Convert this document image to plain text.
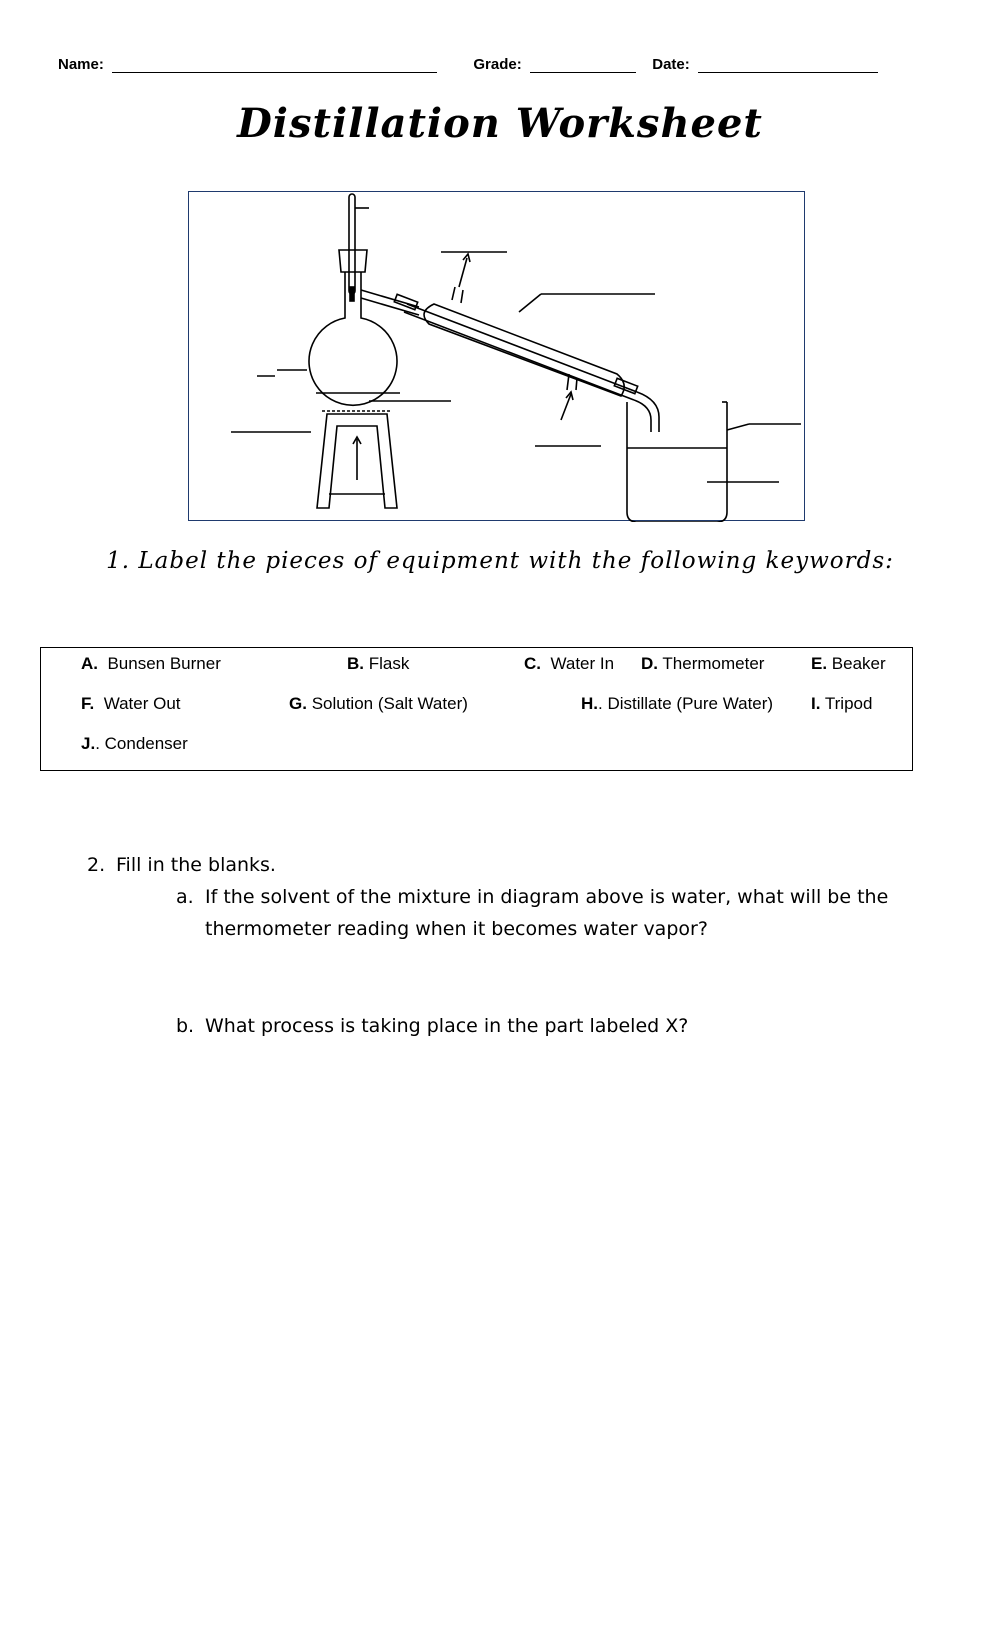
Name:	Grade:	Date:
Distillation Worksheet
1. Label the pieces of equipment with the following keywords:
A. Bunsen Burner	B. Flask	C. Water In D. Thermometer	E. Beaker
F. Water Out	G. Solution (Salt Water)	H.. Distillate (Pure Water) I. Tripod
J.. Condenser
2. Fill in the blanks.
a. If the solvent of the mixture in diagram above is water, what will be the
thermometer reading when it becomes water vapor?
b. What process is taking place in the part labeled X?
